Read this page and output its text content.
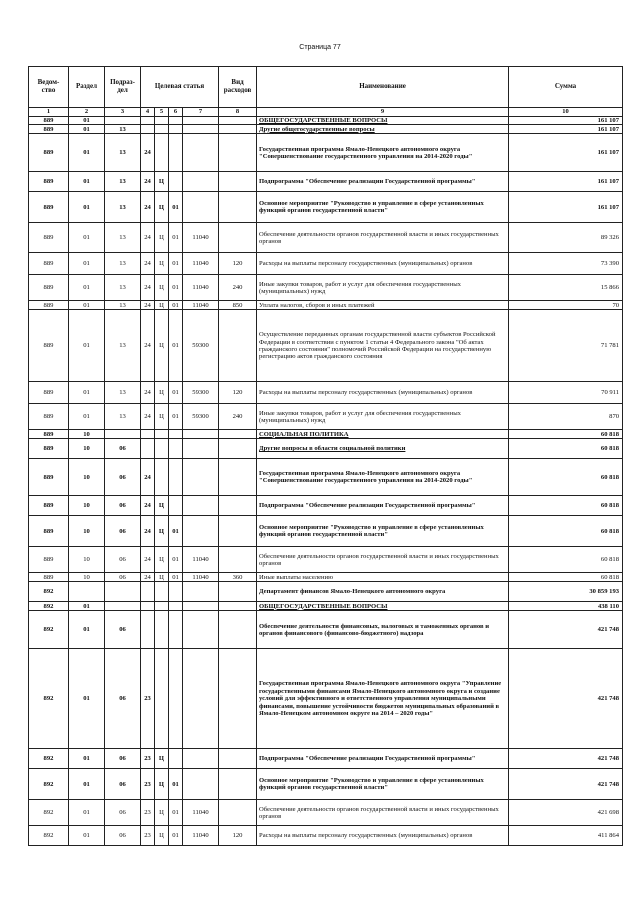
Страница 77
Ведом-ство	Раздел	Подраз-дел	Целевая статья				Вид расходов	Наименование	Сумма
1	2	3	4	5	6	7	8	9	10
889	01							ОБЩЕГОСУДАРСТВЕННЫЕ ВОПРОСЫ	161 107
889	01	13						Другие общегосударственные вопросы	161 107
889	01	13	24					Государственная программа Ямало-Ненецкого автономного округа "Совершенствование государственного управления на 2014-2020 годы"	161 107
889	01	13	24	Ц				Подпрограмма "Обеспечение реализации Государственной программы"	161 107
889	01	13	24	Ц	01			Основное мероприятие "Руководство и управление в сфере установленных функций органов государственной власти"	161 107
889	01	13	24	Ц	01	11040		Обеспечение деятельности органов государственной власти и иных государственных органов	89 326
889	01	13	24	Ц	01	11040	120	Расходы на выплаты персоналу государственных (муниципальных) органов	73 390
889	01	13	24	Ц	01	11040	240	Иные закупки товаров, работ и услуг для обеспечения государственных (муниципальных) нужд	15 866
889	01	13	24	Ц	01	11040	850	Уплата налогов, сборов и иных платежей	70
889	01	13	24	Ц	01	59300		Осуществление переданных органам государственной власти субъектов Российской Федерации в соответствии с пунктом 1 статьи 4 Федерального закона "Об актах гражданского состояния" полномочий Российской Федерации на государственную регистрацию актов гражданского состояния	71 781
889	01	13	24	Ц	01	59300	120	Расходы на выплаты персоналу государственных (муниципальных) органов	70 911
889	01	13	24	Ц	01	59300	240	Иные закупки товаров, работ и услуг для обеспечения государственных (муниципальных) нужд	870
889	10							СОЦИАЛЬНАЯ ПОЛИТИКА	60 818
889	10	06						Другие вопросы в области социальной политики	60 818
889	10	06	24					Государственная программа Ямало-Ненецкого автономного округа "Совершенствование государственного управления на 2014-2020 годы"	60 818
889	10	06	24	Ц				Подпрограмма "Обеспечение реализации Государственной программы"	60 818
889	10	06	24	Ц	01			Основное мероприятие "Руководство и управление в сфере установленных функций органов государственной власти"	60 818
889	10	06	24	Ц	01	11040		Обеспечение деятельности органов государственной власти и иных государственных органов	60 818
889	10	06	24	Ц	01	11040	360	Иные выплаты населению	60 818
892								Департамент финансов Ямало-Ненецкого автономного округа	30 859 193
892	01							ОБЩЕГОСУДАРСТВЕННЫЕ ВОПРОСЫ	438 110
892	01	06						Обеспечение деятельности финансовых, налоговых и таможенных органов и органов финансового (финансово-бюджетного) надзора	421 748
892	01	06	23					Государственная программа Ямало-Ненецкого автономного округа "Управление государственными финансами Ямало-Ненецкого автономного округа и создание условий для эффективного и ответственного управления муниципальными финансами, повышение устойчивости бюджетов муниципальных образований в Ямало-Ненецком автономном округе на 2014 – 2020 годы"	421 748
892	01	06	23	Ц				Подпрограмма "Обеспечение реализации Государственной программы"	421 748
892	01	06	23	Ц	01			Основное мероприятие "Руководство и управление в сфере установленных функций органов государственной власти"	421 748
892	01	06	23	Ц	01	11040		Обеспечение деятельности органов государственной власти и иных государственных органов	421 698
892	01	06	23	Ц	01	11040	120	Расходы на выплаты персоналу государственных (муниципальных) органов	411 864
